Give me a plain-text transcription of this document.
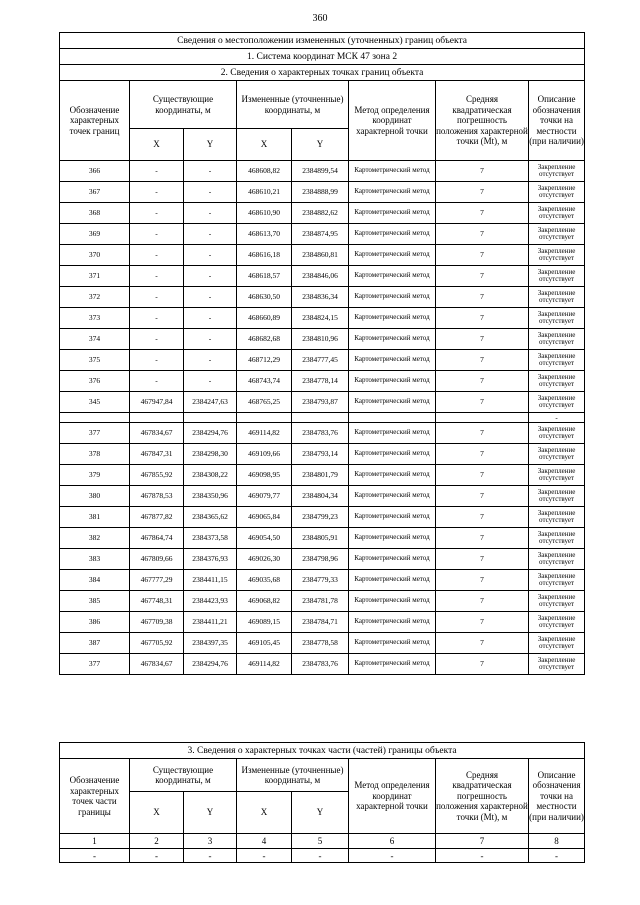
360
Сведения о местоположении измененных (уточненных) границ объекта							
1. Система координат МСК 47 зона 2							
2. Сведения о характерных точках границ объекта							
Обозначение характерных точек границ	Существующие координаты, м		Измененные (уточненные) координаты, м		Метод определения координат характерной точки	Средняя квадратическая погрешность положения характерной точки (Mt), м	Описание обозначения точки на местности (при наличии)
	X	Y	X	Y			
366	-	-	468608,82	2384899,54	Картометрический метод	7	Закрепление отсутствует
367	-	-	468610,21	2384888,99	Картометрический метод	7	Закрепление отсутствует
368	-	-	468610,90	2384882,62	Картометрический метод	7	Закрепление отсутствует
369	-	-	468613,70	2384874,95	Картометрический метод	7	Закрепление отсутствует
370	-	-	468616,18	2384860,81	Картометрический метод	7	Закрепление отсутствует
371	-	-	468618,57	2384846,06	Картометрический метод	7	Закрепление отсутствует
372	-	-	468630,50	2384836,34	Картометрический метод	7	Закрепление отсутствует
373	-	-	468660,89	2384824,15	Картометрический метод	7	Закрепление отсутствует
374	-	-	468682,68	2384810,96	Картометрический метод	7	Закрепление отсутствует
375	-	-	468712,29	2384777,45	Картометрический метод	7	Закрепление отсутствует
376	-	-	468743,74	2384778,14	Картометрический метод	7	Закрепление отсутствует
345	467947,84	2384247,63	468765,25	2384793,87	Картометрический метод	7	Закрепление отсутствует
							-
377	467834,67	2384294,76	469114,82	2384783,76	Картометрический метод	7	Закрепление отсутствует
378	467847,31	2384298,30	469109,66	2384793,14	Картометрический метод	7	Закрепление отсутствует
379	467855,92	2384308,22	469098,95	2384801,79	Картометрический метод	7	Закрепление отсутствует
380	467878,53	2384350,96	469079,77	2384804,34	Картометрический метод	7	Закрепление отсутствует
381	467877,82	2384365,62	469065,84	2384799,23	Картометрический метод	7	Закрепление отсутствует
382	467864,74	2384373,58	469054,50	2384805,91	Картометрический метод	7	Закрепление отсутствует
383	467809,66	2384376,93	469026,30	2384798,96	Картометрический метод	7	Закрепление отсутствует
384	467777,29	2384411,15	469035,68	2384779,33	Картометрический метод	7	Закрепление отсутствует
385	467748,31	2384423,93	469068,82	2384781,78	Картометрический метод	7	Закрепление отсутствует
386	467709,38	2384411,21	469089,15	2384784,71	Картометрический метод	7	Закрепление отсутствует
387	467705,92	2384397,35	469105,45	2384778,58	Картометрический метод	7	Закрепление отсутствует
377	467834,67	2384294,76	469114,82	2384783,76	Картометрический метод	7	Закрепление отсутствует
3. Сведения о характерных точках части (частей) границы объекта							
Обозначение характерных точек части границы	Существующие координаты, м		Измененные (уточненные) координаты, м		Метод определения координат характерной точки	Средняя квадратическая погрешность положения характерной точки (Mt), м	Описание обозначения точки на местности (при наличии)
	X	Y	X	Y			
1	2	3	4	5	6	7	8
-	-	-	-	-	-	-	-
